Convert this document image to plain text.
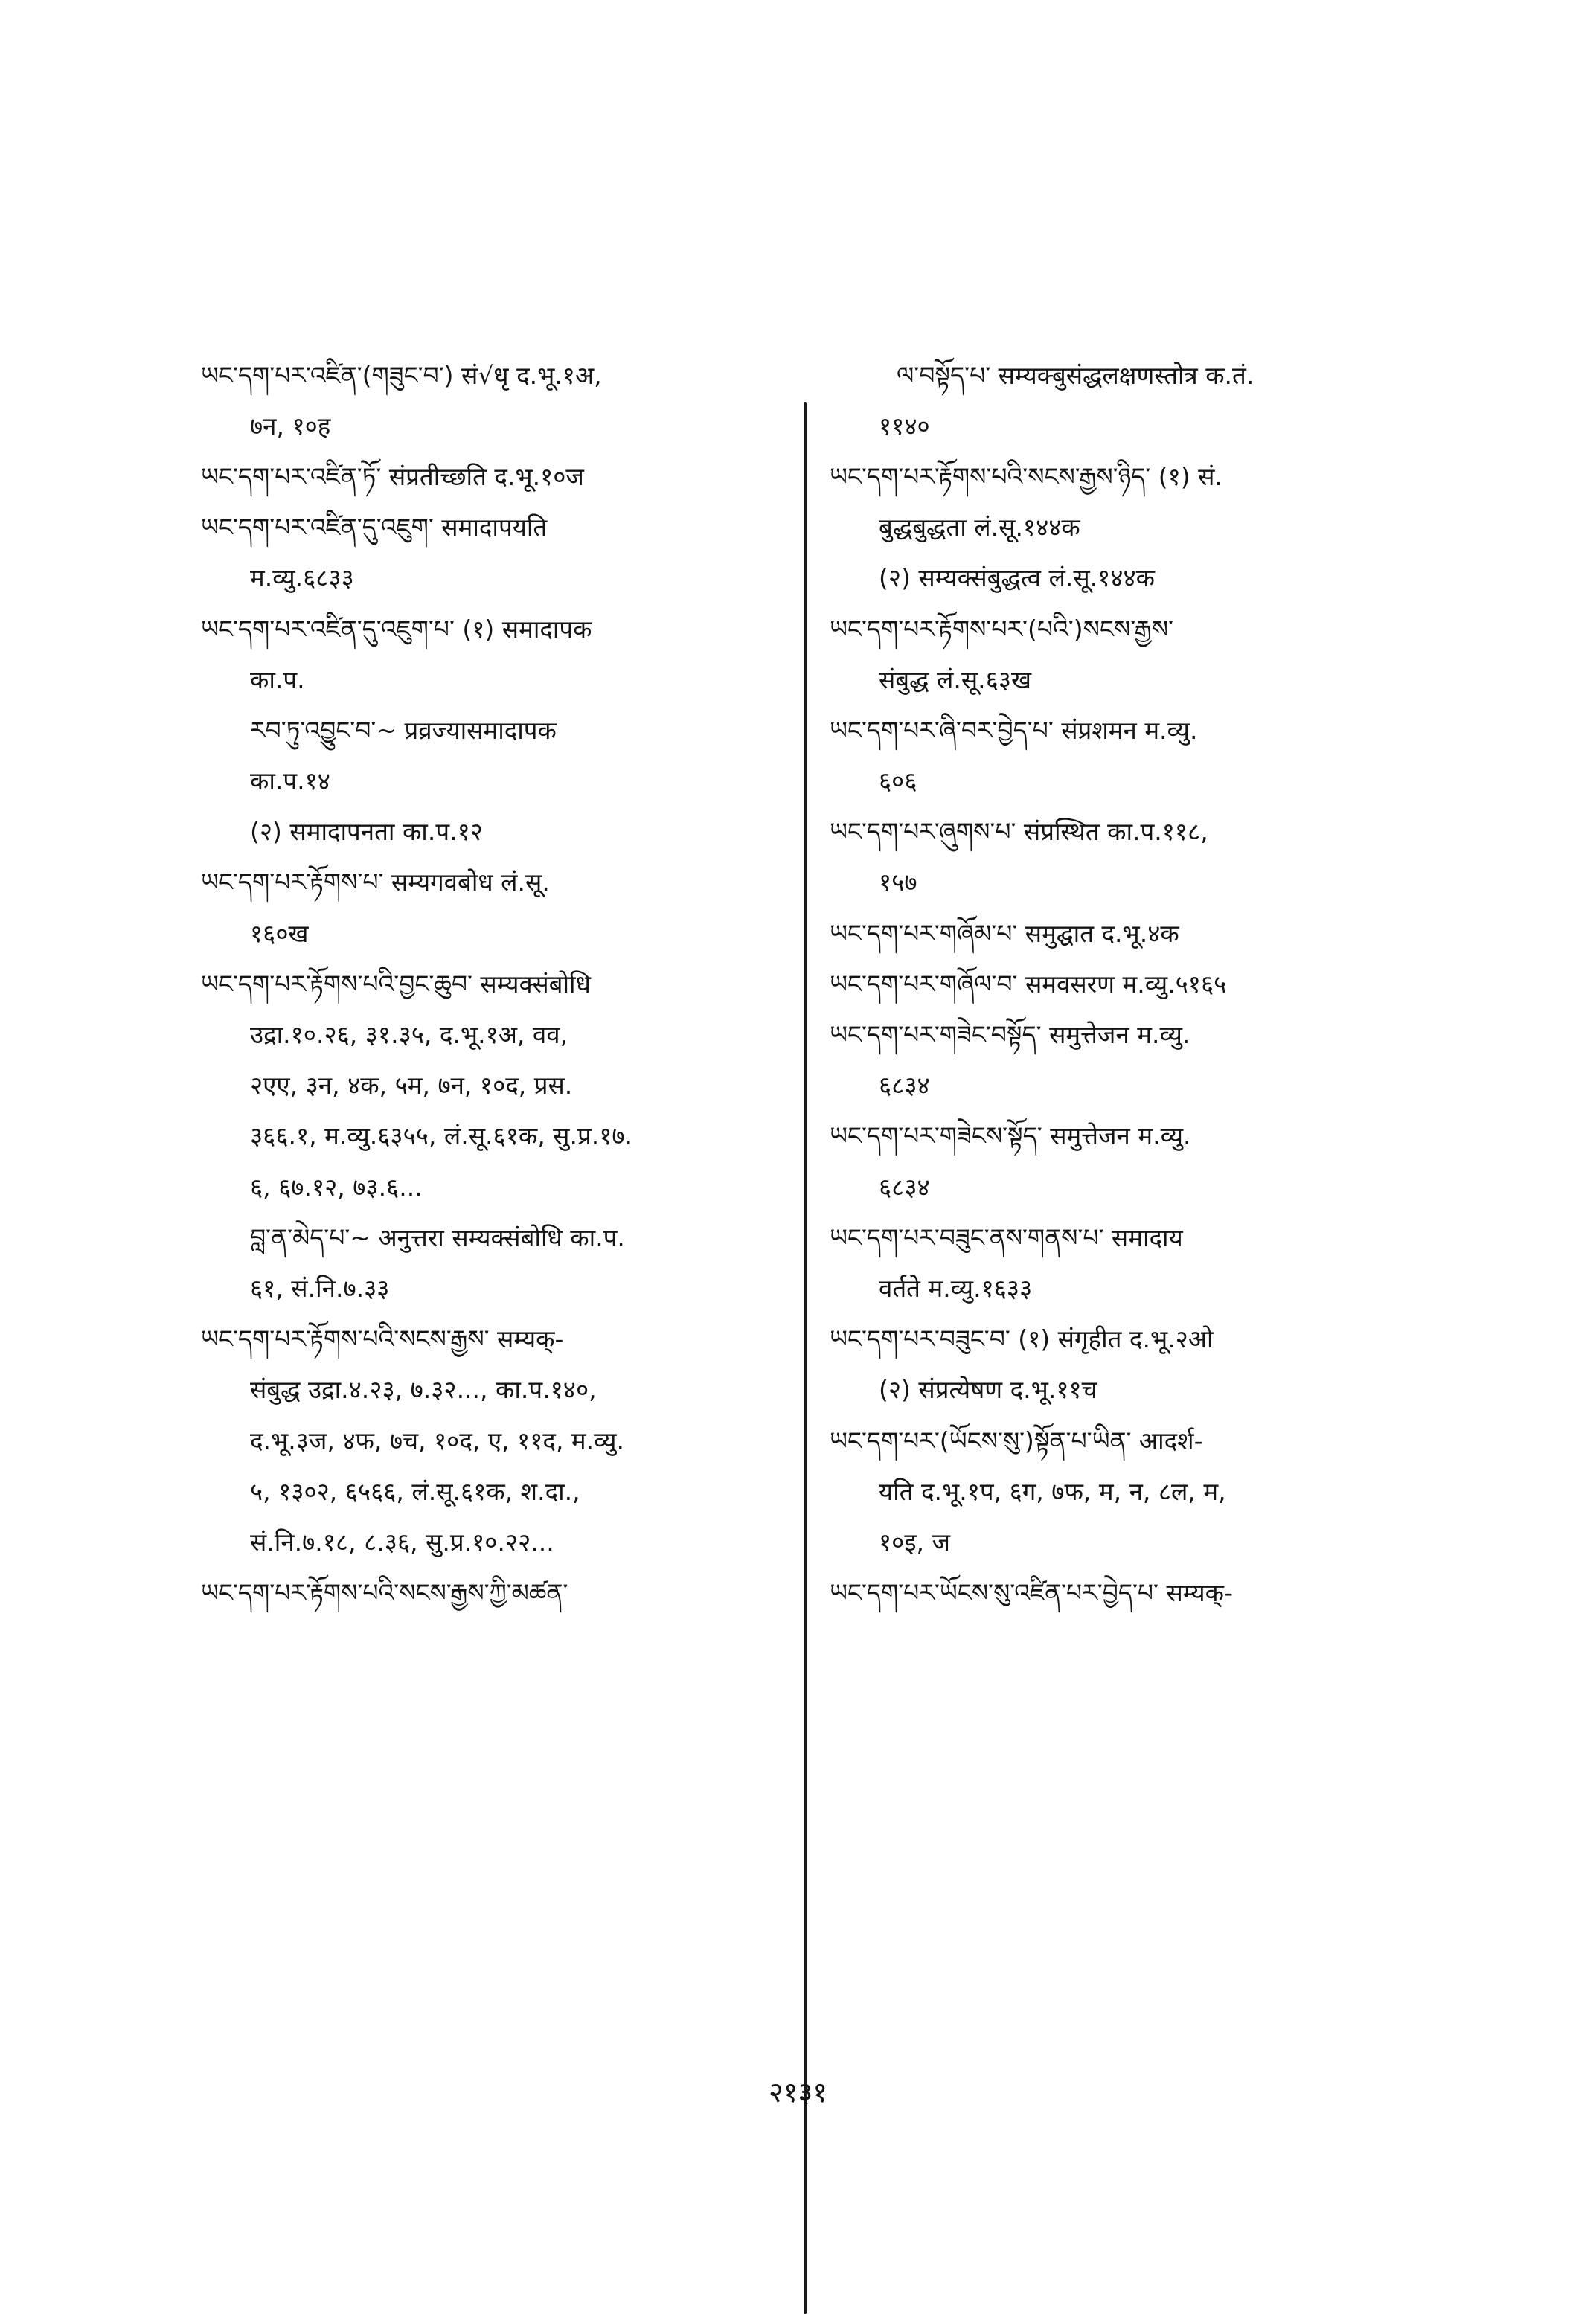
ཡང་དག་པར་འཛིན་(གཟུང་བ་) सं√धृ द.भू.१अ,
७न, १०ह
ཡང་དག་པར་འཛིན་ཏོ་ संप्रतीच्छति द.भू.१०ज
ཡང་དག་པར་འཛིན་དུ་འཇུག་ समादापयति
म.व्यु.६८३३
ཡང་དག་པར་འཛིན་དུ་འཇུག་པ་ (१) समादापक
का.प.
རབ་ཏུ་འབྱུང་བ་~ प्रव्रज्यासमादापक
का.प.१४
(२) समादापनता का.प.१२
ཡང་དག་པར་རྟོགས་པ་ सम्यगवबोध लं.सू.
१६०ख
ཡང་དག་པར་རྟོགས་པའི་བྱང་ཆུབ་ सम्यक्संबोधि
उद्रा.१०.२६, ३१.३५, द.भू.१अ, वव,
२एए, ३न, ४क, ५म, ७न, १०द, प्रस.
३६६.१, म.व्यु.६३५५, लं.सू.६१क, सु.प्र.१७.
६, ६७.१२, ७३.६...
བླ་ན་མེད་པ་~ अनुत्तरा सम्यक्संबोधि का.प.
६१, सं.नि.७.३३
ཡང་དག་པར་རྟོགས་པའི་སངས་རྒྱས་ सम्यक्-
संबुद्ध उद्रा.४.२३, ७.३२..., का.प.१४०,
द.भू.३ज, ४फ, ७च, १०द, ए, ११द, म.व्यु.
५, १३०२, ६५६६, लं.सू.६१क, श.दा.,
सं.नि.७.१८, ८.३६, सु.प्र.१०.२२...
ཡང་དག་པར་རྟོགས་པའི་སངས་རྒྱས་ཀྱི་མཚན་
ལ་བསྟོད་པ་ सम्यक्बुसंद्धलक्षणस्तोत्र क.तं.
११४०
ཡང་དག་པར་རྟོགས་པའི་སངས་རྒྱས་ཉིད་ (१) सं.
बुद्धबुद्धता लं.सू.१४४क
(२) सम्यक्संबुद्धत्व लं.सू.१४४क
ཡང་དག་པར་རྟོགས་པར་(པའི་)སངས་རྒྱས་
संबुद्ध लं.सू.६३ख
ཡང་དག་པར་ཞི་བར་བྱེད་པ་ संप्रशमन म.व्यु.
६०६
ཡང་དག་པར་ཞུགས་པ་ संप्रस्थित का.प.११८,
१५७
ཡང་དག་པར་གཞོམ་པ་ समुद्घात द.भू.४क
ཡང་དག་པར་གཞོལ་བ་ समवसरण म.व्यु.५१६५
ཡང་དག་པར་གཟེང་བསྟོད་ समुत्तेजन म.व्यु.
६८३४
ཡང་དག་པར་གཟེངས་སྟོད་ समुत्तेजन म.व्यु.
६८३४
ཡང་དག་པར་བཟུང་ནས་གནས་པ་ समादाय
वर्तते म.व्यु.१६३३
ཡང་དག་པར་བཟུང་བ་ (१) संगृहीत द.भू.२ओ
(२) संप्रत्येषण द.भू.११च
ཡང་དག་པར་(ཡོངས་སུ་)སྟོན་པ་ཡིན་ आदर्श-
यति द.भू.१प, ६ग, ७फ, म, न, ८ल, म,
१०इ, ज
ཡང་དག་པར་ཡོངས་སུ་འཛིན་པར་བྱེད་པ་ सम्यक्-
२१३१
